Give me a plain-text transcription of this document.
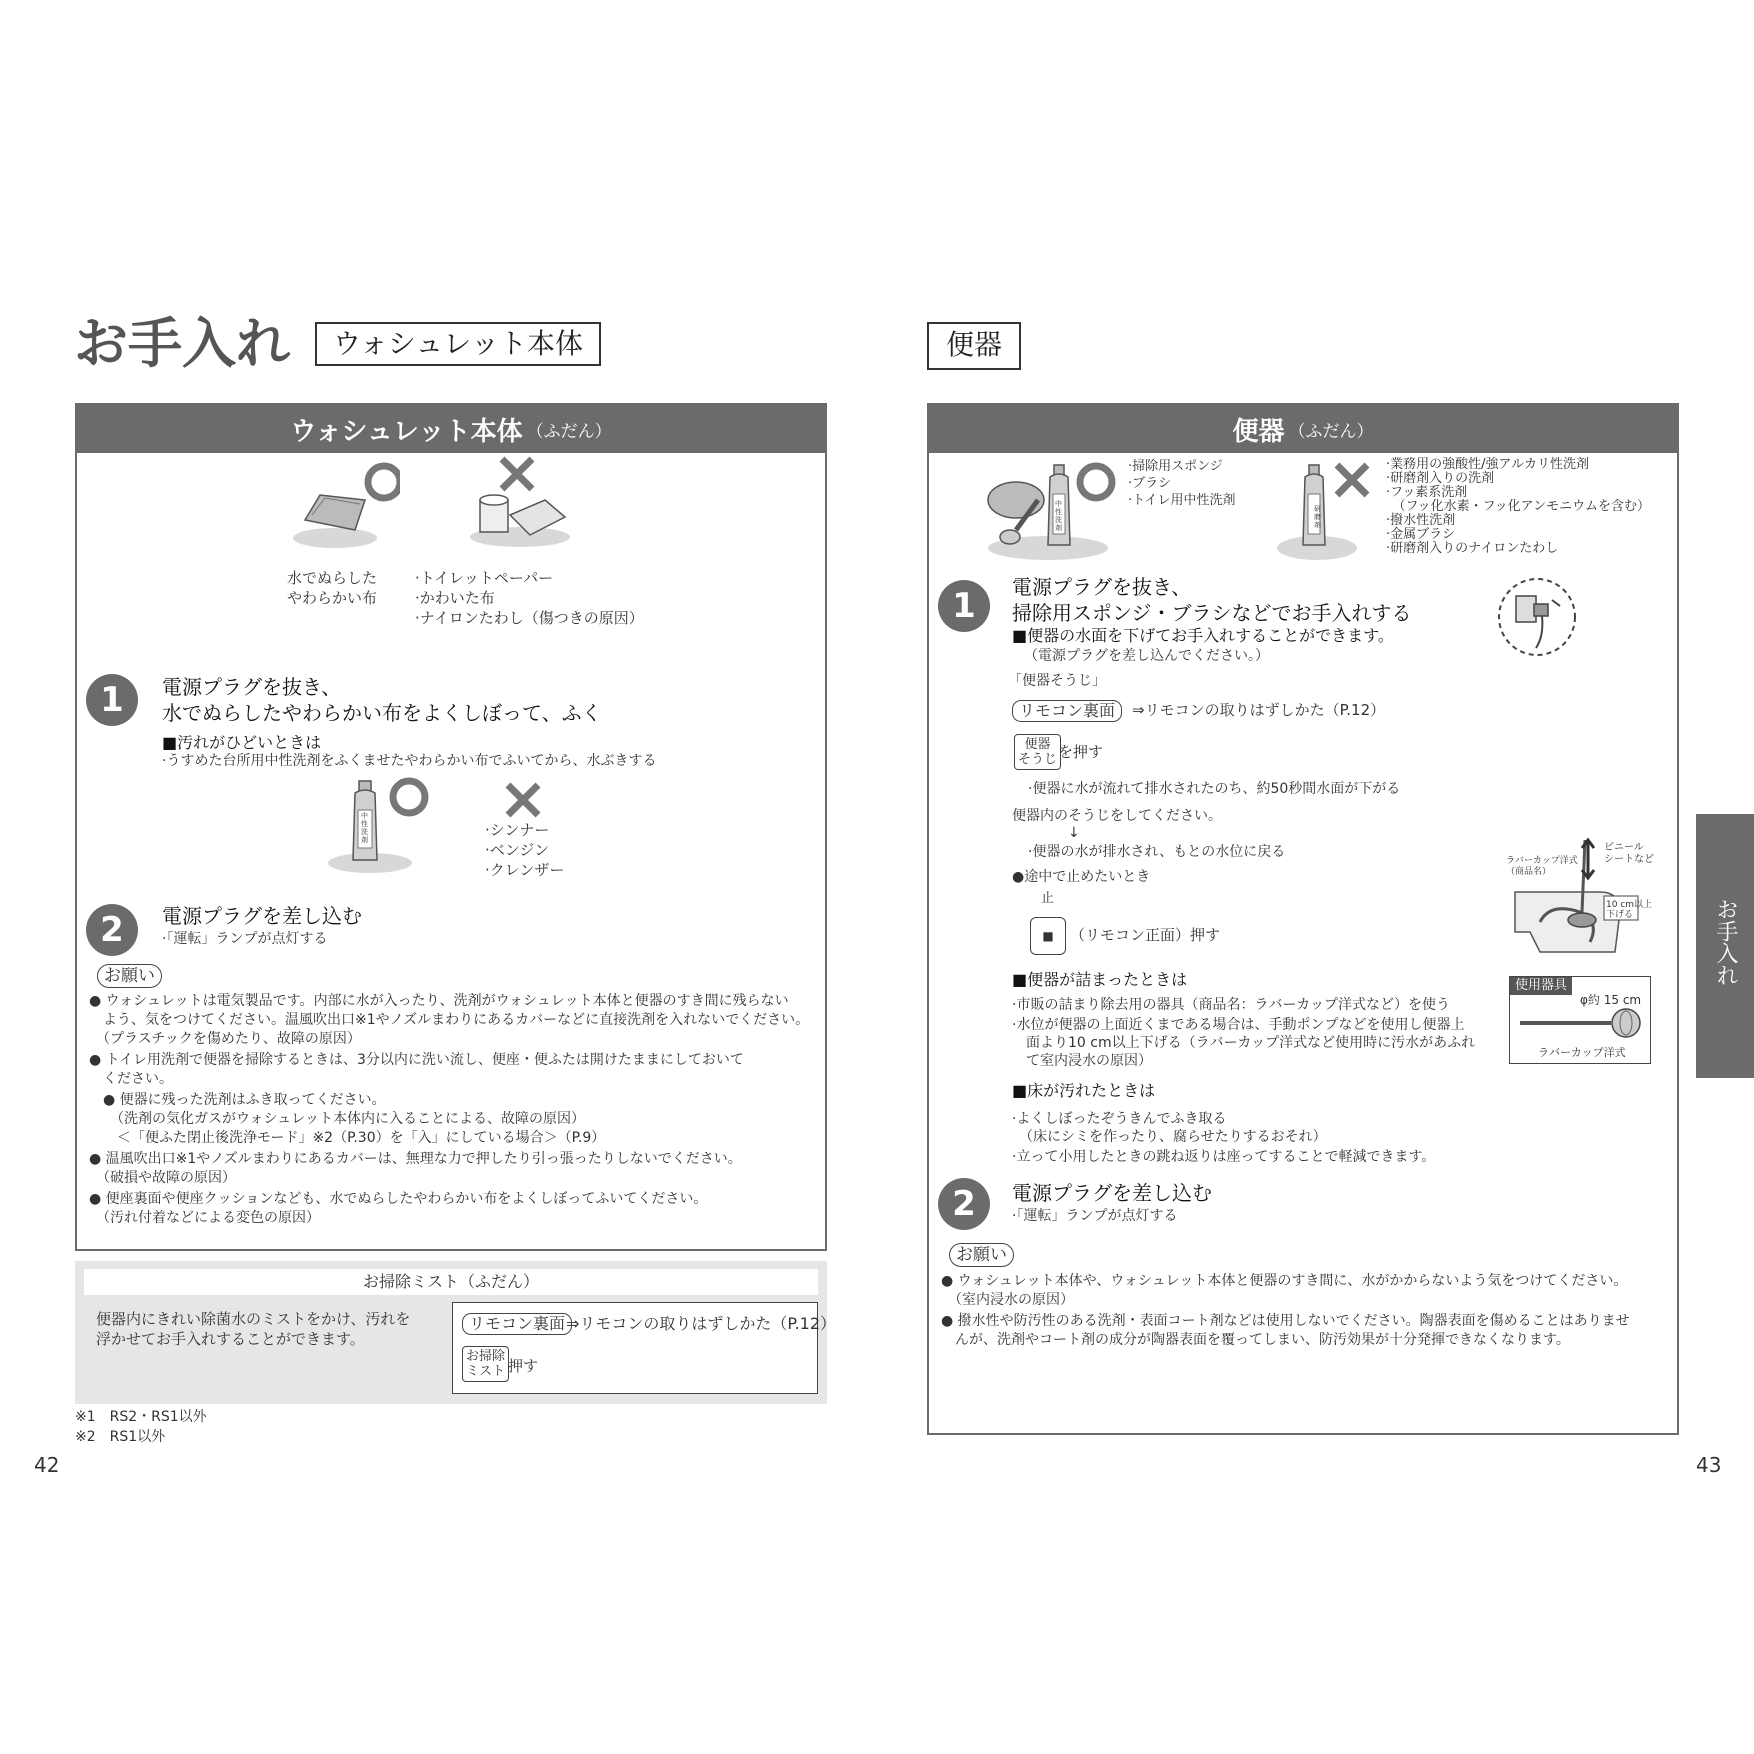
お手入れ	ウォシュレット本体
ウォシュレット本体 （ふだん）
水でぬらした
やわらかい布
·トイレットペーパー
·かわいた布
·ナイロンたわし（傷つきの原因）
1	電源プラグを抜き、
水でぬらしたやわらかい布をよくしぼって、ふく
■汚れがひどいときは
·うすめた台所用中性洗剤をふくませたやわらかい布でふいてから、水ぶきする
中性洗剤
·シンナー
·ベンジン
·クレンザー
2	電源プラグを差し込む
·「運転」ランプが点灯する
お願い
● ウォシュレットは電気製品です。内部に水が入ったり、洗剤がウォシュレット本体と便器のすき間に残らない
　よう、気をつけてください。温風吹出口※1やノズルまわりにあるカバーなどに直接洗剤を入れないでください。
　（プラスチックを傷めたり、故障の原因）
● トイレ用洗剤で便器を掃除するときは、3分以内に洗い流し、便座・便ふたは開けたままにしておいて
　ください。
　● 便器に残った洗剤はふき取ってください。
　　（洗剤の気化ガスがウォシュレット本体内に入ることによる、故障の原因）
　　＜「便ふた閉止後洗浄モード」※2（P.30）を「入」にしている場合＞（P.9）
● 温風吹出口※1やノズルまわりにあるカバーは、無理な力で押したり引っ張ったりしないでください。
　（破損や故障の原因）
● 便座裏面や便座クッションなども、水でぬらしたやわらかい布をよくしぼってふいてください。
　（汚れ付着などによる変色の原因）
お掃除ミスト（ふだん）
便器内にきれい除菌水のミストをかけ、汚れを
浮かせてお手入れすることができます。
リモコン裏面 ⇒リモコンの取りはずしかた（P.12）
お掃除
ミスト 押す
※1　RS2・RS1以外
※2　RS1以外
42
便器
便器 （ふだん）
中性洗剤
·掃除用スポンジ
·ブラシ
·トイレ用中性洗剤
研磨剤
·業務用の強酸性/強アルカリ性洗剤
·研磨剤入りの洗剤
·フッ素系洗剤
　（フッ化水素・フッ化アンモニウムを含む）
·撥水性洗剤
·金属ブラシ
·研磨剤入りのナイロンたわし
1	電源プラグを抜き、
掃除用スポンジ・ブラシなどでお手入れする
■便器の水面を下げてお手入れすることができます。
（電源プラグを差し込んでください。）
「便器そうじ」
リモコン裏面	⇒リモコンの取りはずしかた（P.12）
便器
そうじ を押す
·便器に水が流れて排水されたのち、約50秒間水面が下がる
便器内のそうじをしてください。
↓
·便器の水が排水され、もとの水位に戻る
●途中で止めたいとき
止
■	（リモコン正面）押す
ラバーカップ洋式
（商品名）
ビニール
シートなど
10 cm以上
下げる
■便器が詰まったときは
·市販の詰まり除去用の器具（商品名：ラバーカップ洋式など）を使う
·水位が便器の上面近くまである場合は、手動ポンプなどを使用し便器上
　面より10 cm以上下げる（ラバーカップ洋式など使用時に汚水があふれ
　て室内浸水の原因）
使用器具
φ約 15 cm
ラバーカップ洋式
■床が汚れたときは
·よくしぼったぞうきんでふき取る
　（床にシミを作ったり、腐らせたりするおそれ）
·立って小用したときの跳ね返りは座ってすることで軽減できます。
2	電源プラグを差し込む
·「運転」ランプが点灯する
お願い
● ウォシュレット本体や、ウォシュレット本体と便器のすき間に、水がかからないよう気をつけてください。
　（室内浸水の原因）
● 撥水性や防汚性のある洗剤・表面コート剤などは使用しないでください。陶器表面を傷めることはありませ
　んが、洗剤やコート剤の成分が陶器表面を覆ってしまい、防汚効果が十分発揮できなくなります。
お手入れ
43
